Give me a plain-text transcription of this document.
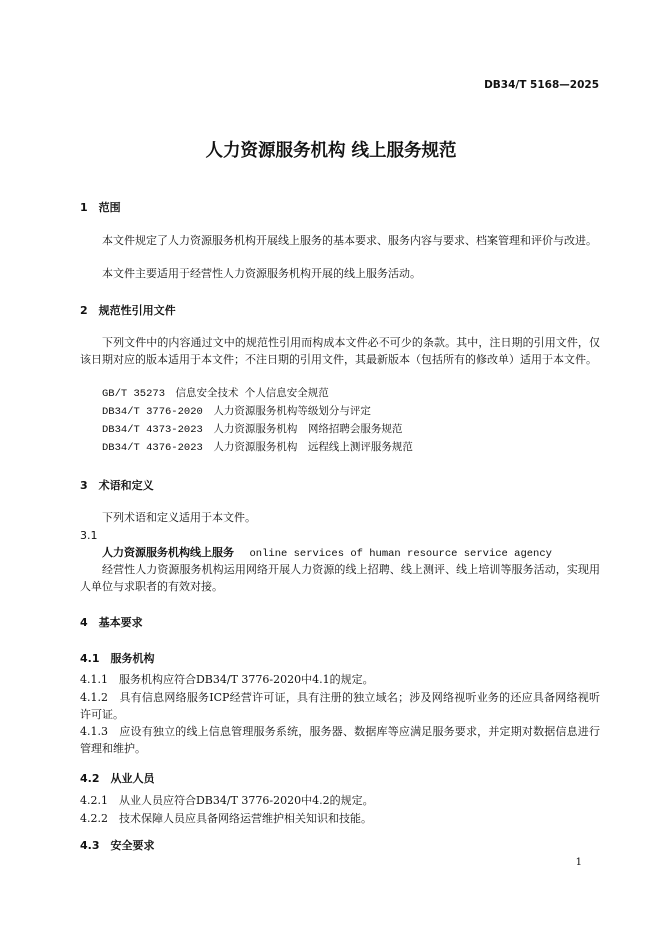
DB34/T 5168—2025
人力资源服务机构 线上服务规范
1　范围
本文件规定了人力资源服务机构开展线上服务的基本要求、服务内容与要求、档案管理和评价与改进。
本文件主要适用于经营性人力资源服务机构开展的线上服务活动。
2　规范性引用文件
下列文件中的内容通过文中的规范性引用而构成本文件必不可少的条款。其中，注日期的引用文件，仅该日期对应的版本适用于本文件；不注日期的引用文件，其最新版本（包括所有的修改单）适用于本文件。
GB/T 35273　信息安全技术 个人信息安全规范
DB34/T 3776-2020　人力资源服务机构等级划分与评定
DB34/T 4373-2023　人力资源服务机构　网络招聘会服务规范
DB34/T 4376-2023　人力资源服务机构　远程线上测评服务规范
3　术语和定义
下列术语和定义适用于本文件。
3.1
人力资源服务机构线上服务 online services of human resource service agency
经营性人力资源服务机构运用网络开展人力资源的线上招聘、线上测评、线上培训等服务活动，实现用人单位与求职者的有效对接。
4　基本要求
4.1　服务机构
4.1.1　服务机构应符合DB34/T 3776-2020中4.1的规定。
4.1.2　具有信息网络服务ICP经营许可证，具有注册的独立域名；涉及网络视听业务的还应具备网络视听许可证。
4.1.3　应设有独立的线上信息管理服务系统，服务器、数据库等应满足服务要求，并定期对数据信息进行管理和维护。
4.2　从业人员
4.2.1　从业人员应符合DB34/T 3776-2020中4.2的规定。
4.2.2　技术保障人员应具备网络运营维护相关知识和技能。
4.3　安全要求
1
